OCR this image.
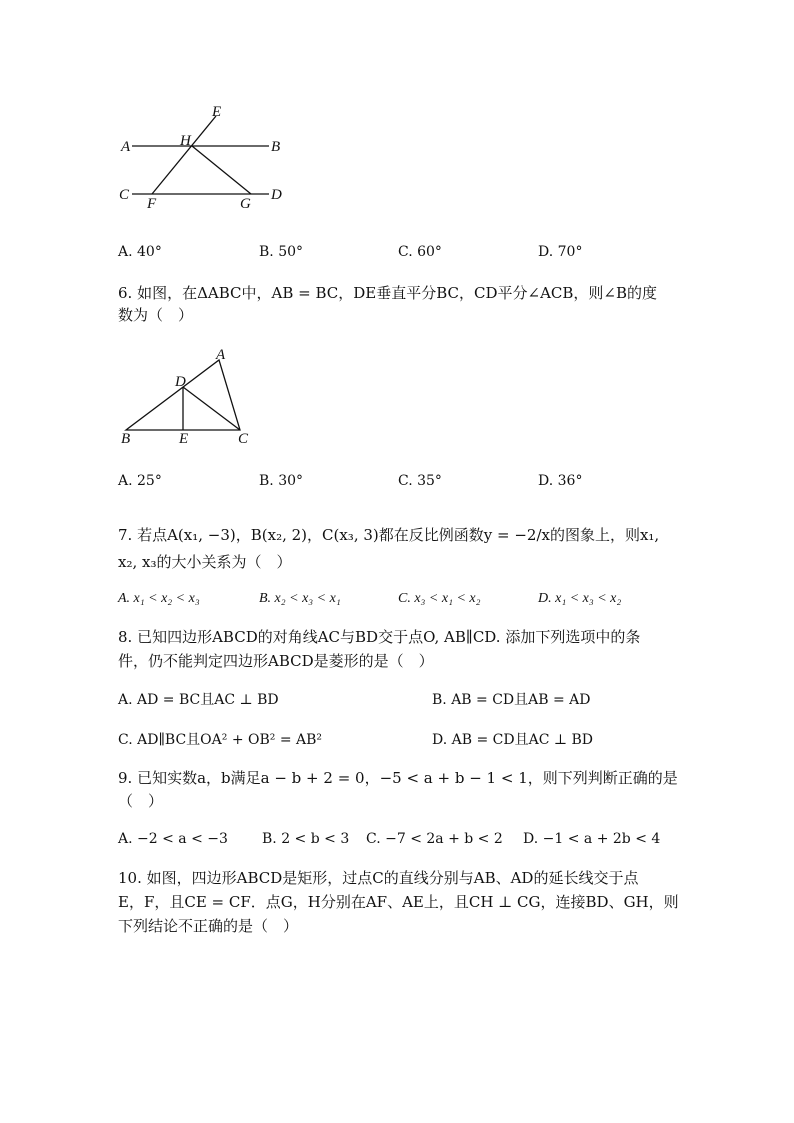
A	B
C	D
E
F	G
H
A. 40°	B. 50°	C. 60°	D. 70°
6. 如图，在ΔABC中，AB = BC，DE垂直平分BC，CD平分∠ACB，则∠B的度
数为（　）
A
B	C
D
E
A. 25°	B. 30°	C. 35°	D. 36°
7. 若点A(x₁, −3)，B(x₂, 2)，C(x₃, 3)都在反比例函数y = −2/x的图象上，则x₁,
x₂, x₃的大小关系为（　）
A. x₁ < x₂ < x₃	B. x₂ < x₃ < x₁	C. x₃ < x₁ < x₂	D. x₁ < x₃ < x₂
8. 已知四边形ABCD的对角线AC与BD交于点O, AB∥CD. 添加下列选项中的条
件，仍不能判定四边形ABCD是菱形的是（　）
A. AD = BC且AC ⊥ BD	B. AB = CD且AB = AD
C. AD∥BC且OA² + OB² = AB²	D. AB = CD且AC ⊥ BD
9. 已知实数a，b满足a − b + 2 = 0，−5 < a + b − 1 < 1，则下列判断正确的是
（　）
A. −2 < a < −3 B. 2 < b < 3 C. −7 < 2a + b < 2 D. −1 < a + 2b < 4
10. 如图，四边形ABCD是矩形，过点C的直线分别与AB、AD的延长线交于点
E，F，且CE = CF．点G，H分别在AF、AE上，且CH ⊥ CG，连接BD、GH，则
下列结论不正确的是（　）
